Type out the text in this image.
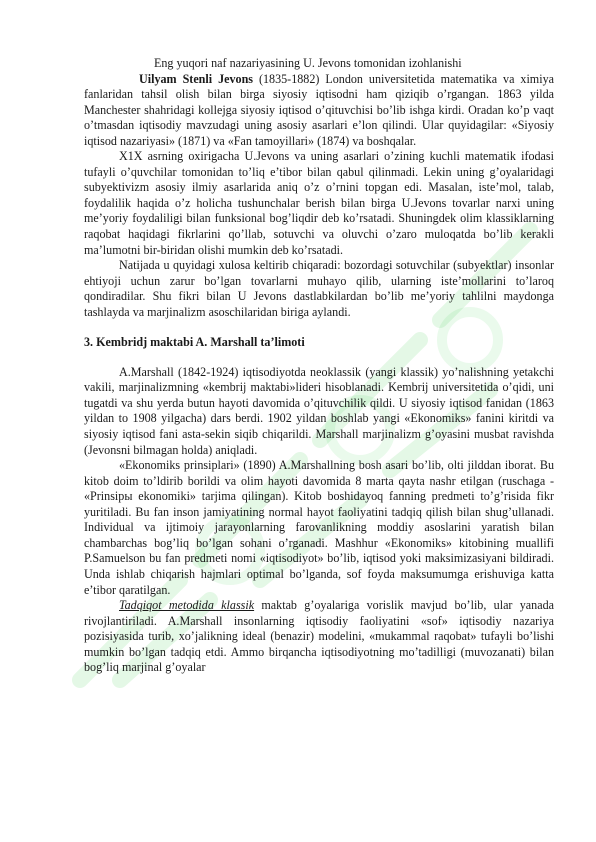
Eng yuqori naf nazariyasining U. Jevons tomonidan izohlanishi

Uilyam Stenli Jevons (1835-1882) London universitetida matematika va ximiya fanlaridan tahsil olish bilan birga siyosiy iqtisodni ham qiziqib o’rgangan. 1863 yilda Manchester shahridagi kollejga siyosiy iqtisod o’qituvchisi bo’lib ishga kirdi. Oradan ko’p vaqt o’tmasdan iqtisodiy mavzudagi uning asosiy asarlari e’lon qilindi. Ular quyidagilar: «Siyosiy iqtisod nazariyasi» (1871) va «Fan tamoyillari» (1874) va boshqalar.

X1X asrning oxirigacha U.Jevons va uning asarlari o’zining kuchli matematik ifodasi tufayli o’quvchilar tomonidan to’liq e’tibor bilan qabul qilinmadi. Lekin uning g’oyalaridagi subyektivizm asosiy ilmiy asarlarida aniq o’z o’rnini topgan edi. Masalan, iste’mol, talab, foydalilik haqida o’z holicha tushunchalar berish bilan birga U.Jevons tovarlar narxi uning me’yoriy foydaliligi bilan funksional bog’liqdir deb ko’rsatadi. Shuningdek olim klassiklarning raqobat haqidagi fikrlarini qo’llab, sotuvchi va oluvchi o’zaro muloqatda bo’lib kerakli ma’lumotni bir-biridan olishi mumkin deb ko’rsatadi.

Natijada u quyidagi xulosa keltirib chiqaradi: bozordagi sotuvchilar (subyektlar) insonlar ehtiyoji uchun zarur bo’lgan tovarlarni muhayo qilib, ularning iste’mollarini to’laroq qondiradilar. Shu fikri bilan U Jevons dastlabkilardan bo’lib me’yoriy tahlilni maydonga tashlayda va marjinalizm asoschilaridan biriga aylandi.

3. Kembridj maktabi A. Marshall ta’limoti

A.Marshall (1842-1924) iqtisodiyotda neoklassik (yangi klassik) yo’nalishning yetakchi vakili, marjinalizmning «kembrij maktabi»lideri hisoblanadi. Kembrij universitetida o’qidi, uni tugatdi va shu yerda butun hayoti davomida o’qituvchilik qildi. U siyosiy iqtisod fanidan (1863 yildan to 1908 yilgacha) dars berdi. 1902 yildan boshlab yangi «Ekonomiks» fanini kiritdi va siyosiy iqtisod fani asta-sekin siqib chiqarildi. Marshall marjinalizm g’oyasini musbat ravishda (Jevonsni bilmagan holda) aniqladi.

«Ekonomiks prinsiplari» (1890) A.Marshallning bosh asari bo’lib, olti jilddan iborat. Bu kitob doim to’ldirib borildi va olim hayoti davomida 8 marta qayta nashr etilgan (ruschaga - «Prinsipы ekonomiki» tarjima qilingan). Kitob boshidayoq fanning predmeti to’g’risida fikr yuritiladi. Bu fan inson jamiyatining normal hayot faoliyatini tadqiq qilish bilan shug’ullanadi. Individual va ijtimoiy jarayonlarning farovanlikning moddiy asoslarini yaratish bilan chambarchas bog’liq bo’lgan sohani o’rganadi. Mashhur «Ekonomiks» kitobining muallifi P.Samuelson bu fan predmeti nomi «iqtisodiyot» bo’lib, iqtisod yoki maksimizasiyani bildiradi. Unda ishlab chiqarish hajmlari optimal bo’lganda, sof foyda maksumumga erishuviga katta e’tibor qaratilgan.

Tadqiqot metodida klassik maktab g’oyalariga vorislik mavjud bo’lib, ular yanada rivojlantiriladi. A.Marshall insonlarning iqtisodiy faoliyatini «sof» iqtisodiy nazariya pozisiyasida turib, xo’jalikning ideal (benazir) modelini, «mukammal raqobat» tufayli bo’lishi mumkin bo’lgan tadqiq etdi. Ammo birqancha iqtisodiyotning mo’tadilligi (muvozanati) bilan bog’liq marjinal g’oyalar
